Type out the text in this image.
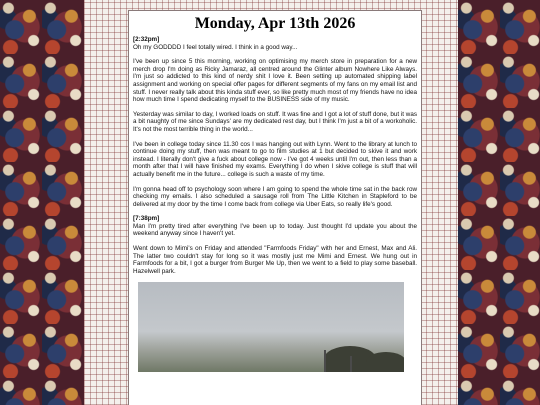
Monday, Apr 13th 2026

[2:32pm]
Oh my GODDDD I feel totally wired. I think in a good way...

I've been up since 5 this morning, working on optimising my merch store in preparation for a new merch drop I'm doing as Ricky Jamaraz, all centred around the Glinter album Nowhere Like Always. I'm just so addicted to this kind of nerdy shit I love it. Been setting up automated shipping label assignment and working on special offer pages for different segments of my fans on my email list and stuff. I never really talk about this kinda stuff ever, so like pretty much most of my friends have no idea how much time I spend dedicating myself to the BUSINESS side of my music.

Yesterday was similar to day, I worked loads on stuff. It was fine and I got a lot of stuff done, but it was a bit naughty of me since Sundays' are my dedicated rest day, but I think I'm just a bit of a workoholic. It's not the most terrible thing in the world...

I've been in college today since 11.30 cos I was hanging out with Lynn. Went to the library at lunch to continue doing my stuff, then was meant to go to film studies at 1 but decided to skive it and work instead. I literally don't give a fuck about college now - I've got 4 weeks until I'm out, then less than a month after that I will have finished my exams. Everything I do when I skive college is stuff that will actually benefit me in the future... college is such a waste of my time.

I'm gonna head off to psychology soon where I am going to spend the whole time sat in the back row checking my emails. I also scheduled a sausage roll from The Little Kitchen in Stapleford to be delivered at my door by the time I come back from college via Uber Eats, so really life's good.

[7:38pm]
Man I'm pretty tired after everything I've been up to today. Just thought I'd update you about the weekend anyway since I haven't yet.

Went down to Mimi's on Friday and attended "Farmfoods Friday" with her and Ernest, Max and Ali. The latter two couldn't stay for long so it was mostly just me Mimi and Ernest. We hung out in Farmfoods for a bit, I got a burger from Burger Me Up, then we went to a field to play some baseball. Hazelwell park.
